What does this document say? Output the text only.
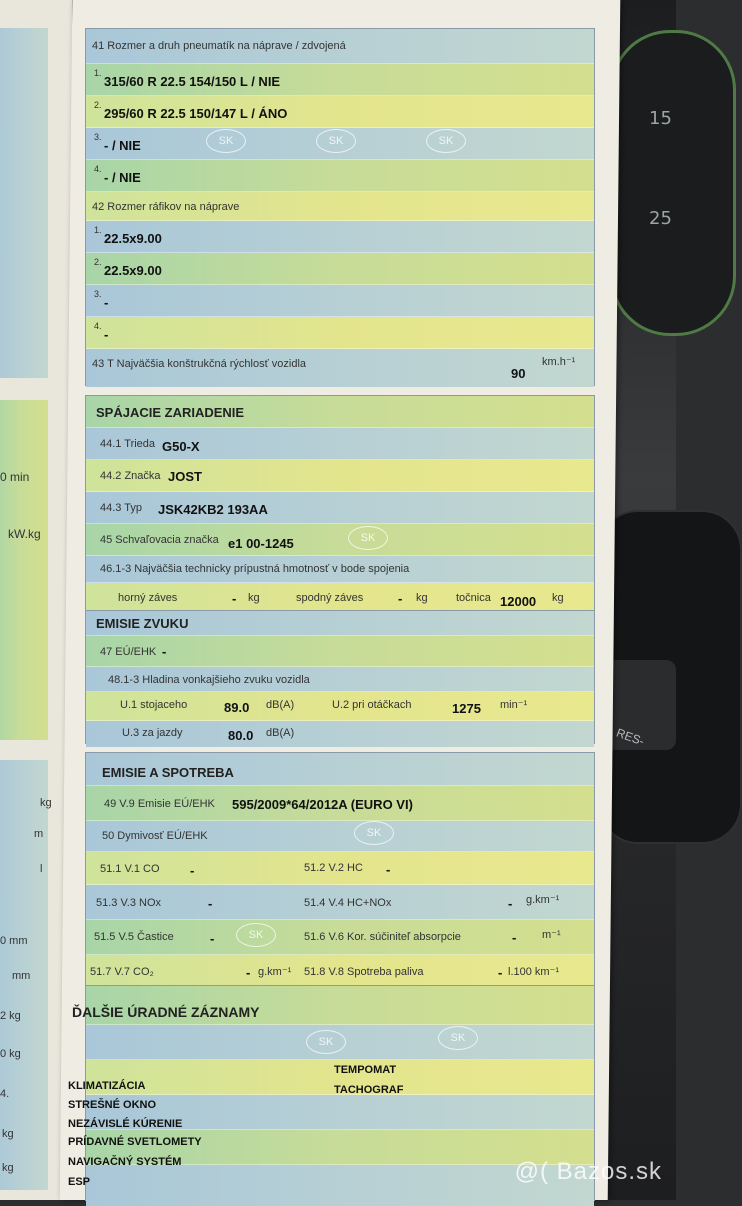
15
25
RES-
0 min
kW.kg
kg
m
l
0 mm
mm
2 kg
0 kg
4.
kg
kg
41 Rozmer a druh pneumatík na nápravе / zdvojená
1.
315/60 R 22.5 154/150 L / NIE
2.
295/60 R 22.5 150/147 L / ÁNO
3.
- / NIE
4.
- / NIE
42 Rozmer ráfikov na nápravе
1.
22.5x9.00
2.
22.5x9.00
3.
-
4.
-
43 T Najväčšia konštrukčná rýchlosť vozidla
90
km.h⁻¹
SK	SK	SK
SPÁJACIE ZARIADENIE
44.1 Trieda G50-X
44.2 Značka JOST
44.3 Typ JSK42KB2 193AA
45 Schvaľovacia značka e1 00-1245
46.1-3 Najväčšia technicky prípustná hmotnosť v bode spojenia
horný záves	- kg	spodný záves	- kg	točnica 12000 kg
SK
EMISIE ZVUKU
47 EÚ/EHK -
48.1-3 Hladina vonkajšieho zvuku vozidla
U.1 stojaceho	89.0 dB(A)	U.2 pri otáčkach	1275 min⁻¹
U.3 za jazdy	80.0 dB(A)
EMISIE A SPOTREBA
49 V.9 Emisie EÚ/EHK 595/2009*64/2012A (EURO VI)
50 Dymivosť EÚ/EHK
51.1 V.1 CO -	51.2 V.2 HC -
51.3 V.3 NOx	-	51.4 V.4 HC+NOx	- g.km⁻¹
51.5 V.5 Častice	-	51.6 V.6 Kor. súčiniteľ absorpcie	- m⁻¹
51.7 V.7 CO₂	- g.km⁻¹ 51.8 V.8 Spotreba paliva	- l.100 km⁻¹
SK
SK
ĎALŠIE ÚRADNÉ ZÁZNAMY
SK	SK
KLIMATIZÁCIA
STREŠNÉ OKNO
NEZÁVISLÉ KÚRENIE
PRÍDAVNÉ SVETLOMETY
NAVIGAČNÝ SYSTÉM
ESP
TEMPOMAT
TACHOGRAF
@( Bazos.sk
